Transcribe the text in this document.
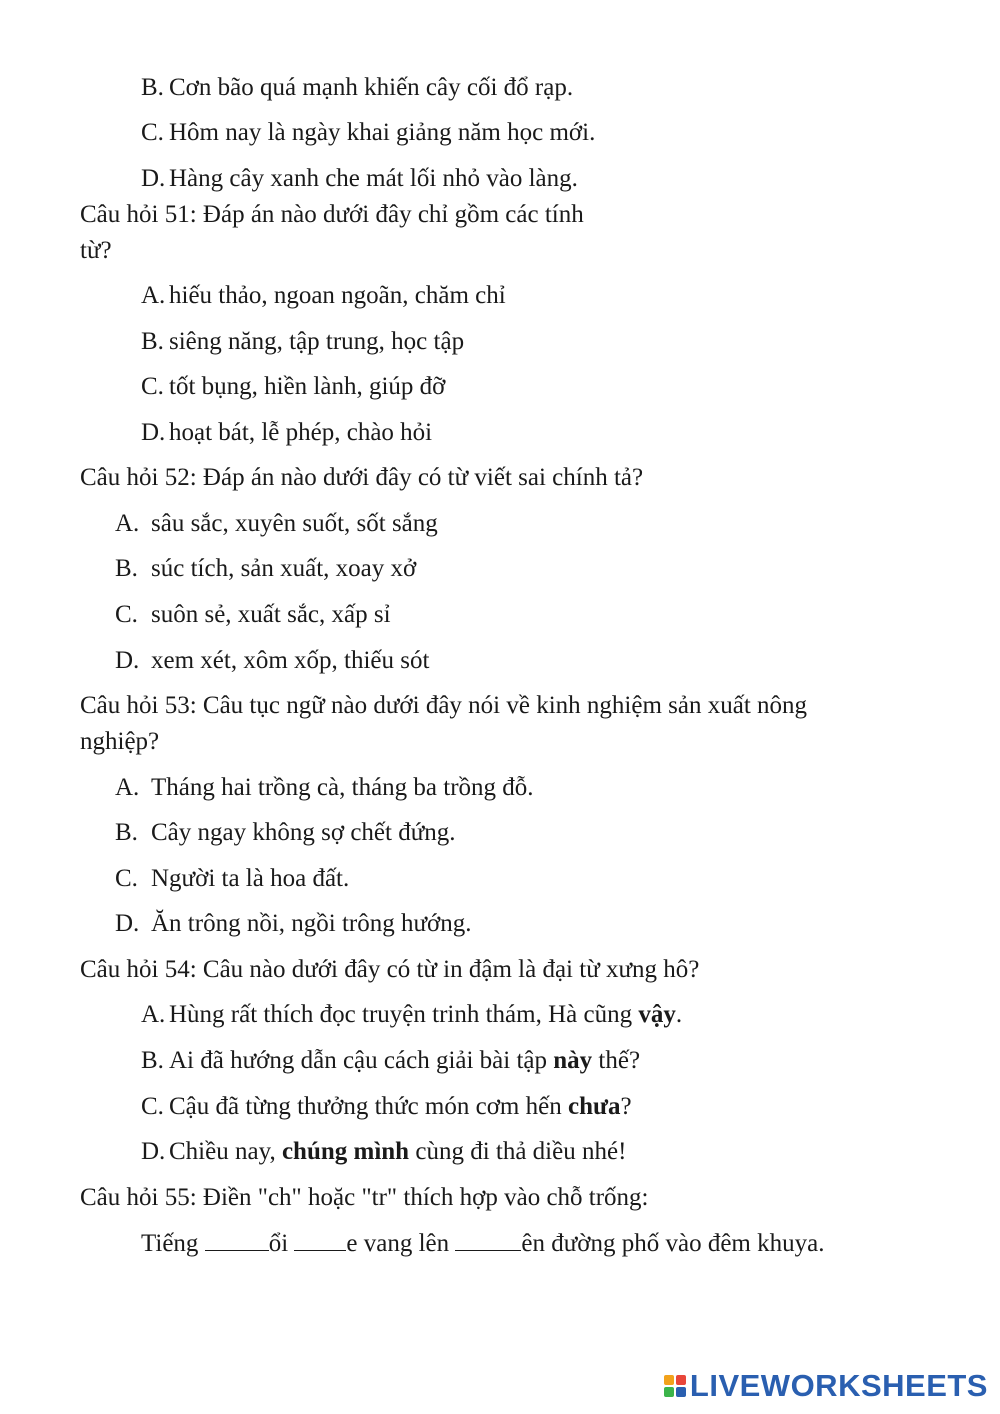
B. Cơn bão quá mạnh khiến cây cối đổ rạp.

C. Hôm nay là ngày khai giảng năm học mới.

D. Hàng cây xanh che mát lối nhỏ vào làng.

Câu hỏi 51: Đáp án nào dưới đây chỉ gồm các tính

từ?

A. hiếu thảo, ngoan ngoãn, chăm chỉ

B. siêng năng, tập trung, học tập

C. tốt bụng, hiền lành, giúp đỡ

D. hoạt bát, lễ phép, chào hỏi

Câu hỏi 52: Đáp án nào dưới đây có từ viết sai chính tả?

A. sâu sắc, xuyên suốt, sốt sắng

B. súc tích, sản xuất, xoay xở

C. suôn sẻ, xuất sắc, xấp sỉ

D. xem xét, xôm xốp, thiếu sót

Câu hỏi 53: Câu tục ngữ nào dưới đây nói về kinh nghiệm sản xuất nông

nghiệp?

A. Tháng hai trồng cà, tháng ba trồng đỗ.

B. Cây ngay không sợ chết đứng.

C. Người ta là hoa đất.

D. Ăn trông nồi, ngồi trông hướng.

Câu hỏi 54: Câu nào dưới đây có từ in đậm là đại từ xưng hô?

A. Hùng rất thích đọc truyện trinh thám, Hà cũng vậy.

B. Ai đã hướng dẫn cậu cách giải bài tập này thế?

C. Cậu đã từng thưởng thức món cơm hến chưa?

D. Chiều nay, chúng mình cùng đi thả diều nhé!

Câu hỏi 55: Điền "ch" hoặc "tr" thích hợp vào chỗ trống:

Tiếng	ổi e vang lên	ên đường phố vào đêm khuya.

LIVEWORKSHEETS
